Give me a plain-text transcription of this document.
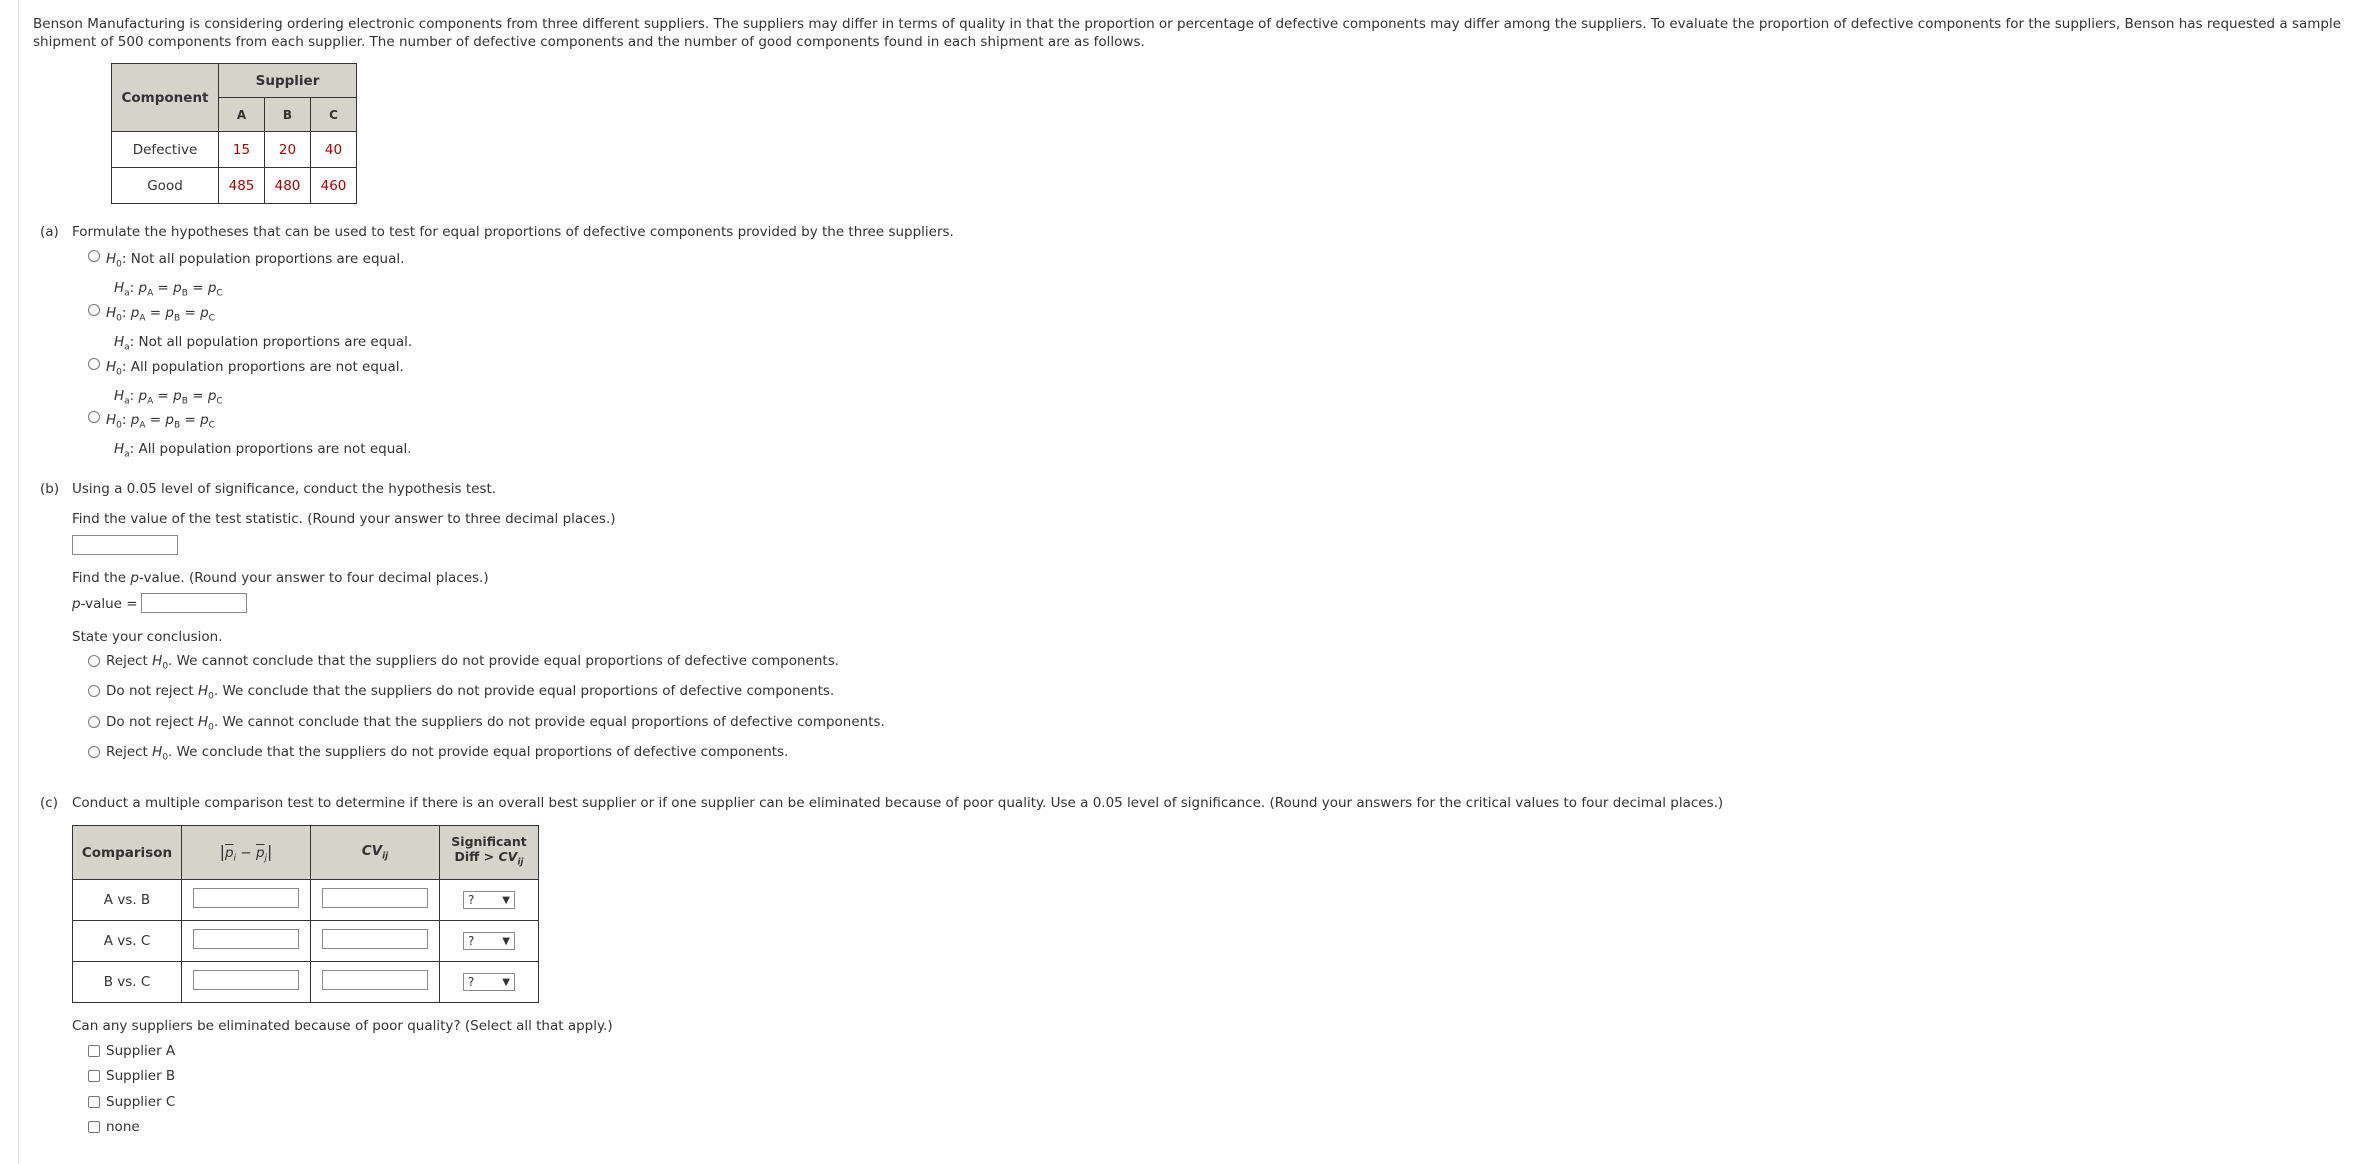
Benson Manufacturing is considering ordering electronic components from three different suppliers. The suppliers may differ in terms of quality in that the proportion or percentage of defective components may differ among the suppliers. To evaluate the proportion of defective components for the suppliers, Benson has requested a sample shipment of 500 components from each supplier. The number of defective components and the number of good components found in each shipment are as follows.

Component	Supplier		
	A	B	C
Defective	15	20	40
Good	485	480	460
(a) Formulate the hypotheses that can be used to test for equal proportions of defective components provided by the three suppliers.
$H_0$: Not all population proportions are equal.
$H_a$: $p_A = p_B = p_C$
$H_0$: $p_A = p_B = p_C$
$H_a$: Not all population proportions are equal.
$H_0$: All population proportions are not equal.
$H_a$: $p_A = p_B = p_C$
$H_0$: $p_A = p_B = p_C$
$H_a$: All population proportions are not equal.
(b) Using a 0.05 level of significance, conduct the hypothesis test.
Find the value of the test statistic. (Round your answer to three decimal places.)
Find the p-value. (Round your answer to four decimal places.)
p-value =
State your conclusion.
Reject $H_0$. We cannot conclude that the suppliers do not provide equal proportions of defective components.
Do not reject $H_0$. We conclude that the suppliers do not provide equal proportions of defective components.
Do not reject $H_0$. We cannot conclude that the suppliers do not provide equal proportions of defective components.
Reject $H_0$. We conclude that the suppliers do not provide equal proportions of defective components.
(c) Conduct a multiple comparison test to determine if there is an overall best supplier or if one supplier can be eliminated because of poor quality. Use a 0.05 level of significance. (Round your answers for the critical values to four decimal places.)
Comparison	$|\overline{p}_i - \overline{p}_j|$	$CV_{ij}$	Significant
Diff > $CV_{ij}$

A vs. B			? ▼

A vs. C			? ▼

B vs. C			? ▼
Can any suppliers be eliminated because of poor quality? (Select all that apply.)
Supplier A
Supplier B
Supplier C
none
